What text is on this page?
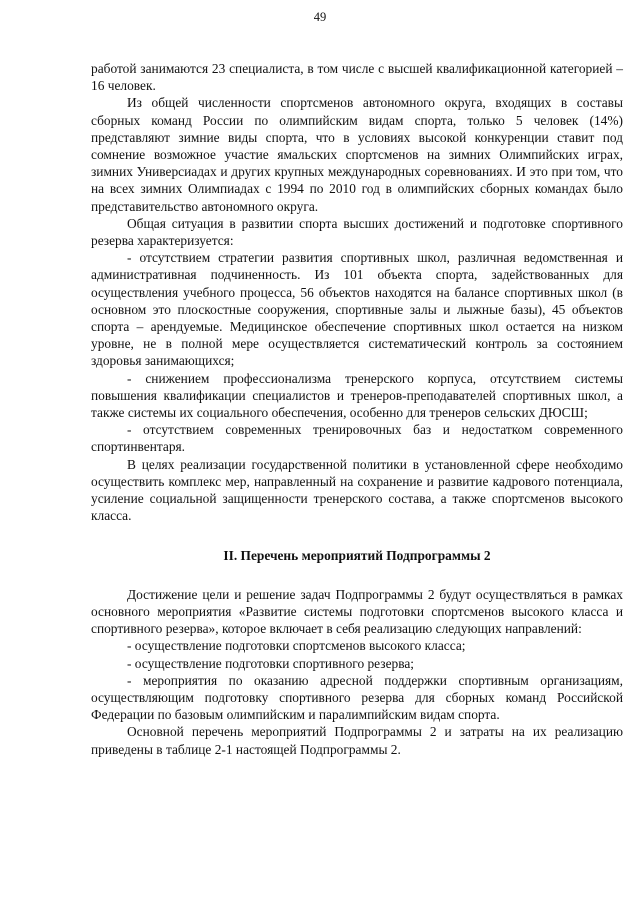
49

работой занимаются 23 специалиста, в том числе с высшей квалификационной категорией – 16 человек.

Из общей численности спортсменов автономного округа, входящих в составы сборных команд России по олимпийским видам спорта, только 5 человек (14%) представляют зимние виды спорта, что в условиях высокой конкуренции ставит под сомнение возможное участие ямальских спортсменов на зимних Олимпийских играх, зимних Универсиадах и других крупных международных соревнованиях. И это при том, что на всех зимних Олимпиадах с 1994 по 2010 год в олимпийских сборных командах было представительство автономного округа.

Общая ситуация в развитии спорта высших достижений и подготовке спортивного резерва характеризуется:

- отсутствием стратегии развития спортивных школ, различная ведомственная и административная подчиненность. Из 101 объекта спорта, задействованных для осуществления учебного процесса, 56 объектов находятся на балансе спортивных школ (в основном это плоскостные сооружения, спортивные залы и лыжные базы), 45 объектов спорта – арендуемые. Медицинское обеспечение спортивных школ остается на низком уровне, не в полной мере осуществляется систематический контроль за состоянием здоровья занимающихся;

- снижением профессионализма тренерского корпуса, отсутствием системы повышения квалификации специалистов и тренеров-преподавателей спортивных школ, а также системы их социального обеспечения, особенно для тренеров сельских ДЮСШ;

- отсутствием современных тренировочных баз и недостатком современного спортинвентаря.

В целях реализации государственной политики в установленной сфере необходимо осуществить комплекс мер, направленный на сохранение и развитие кадрового потенциала, усиление социальной защищенности тренерского состава, а также спортсменов высокого класса.

II. Перечень мероприятий Подпрограммы 2

Достижение цели и решение задач Подпрограммы 2 будут осуществляться в рамках основного мероприятия «Развитие системы подготовки спортсменов высокого класса и спортивного резерва», которое включает в себя реализацию следующих направлений:

- осуществление подготовки спортсменов высокого класса;

- осуществление подготовки спортивного резерва;

- мероприятия по оказанию адресной поддержки спортивным организациям, осуществляющим подготовку спортивного резерва для сборных команд Российской Федерации по базовым олимпийским и паралимпийским видам спорта.

Основной перечень мероприятий Подпрограммы 2 и затраты на их реализацию приведены в таблице 2-1 настоящей Подпрограммы 2.
